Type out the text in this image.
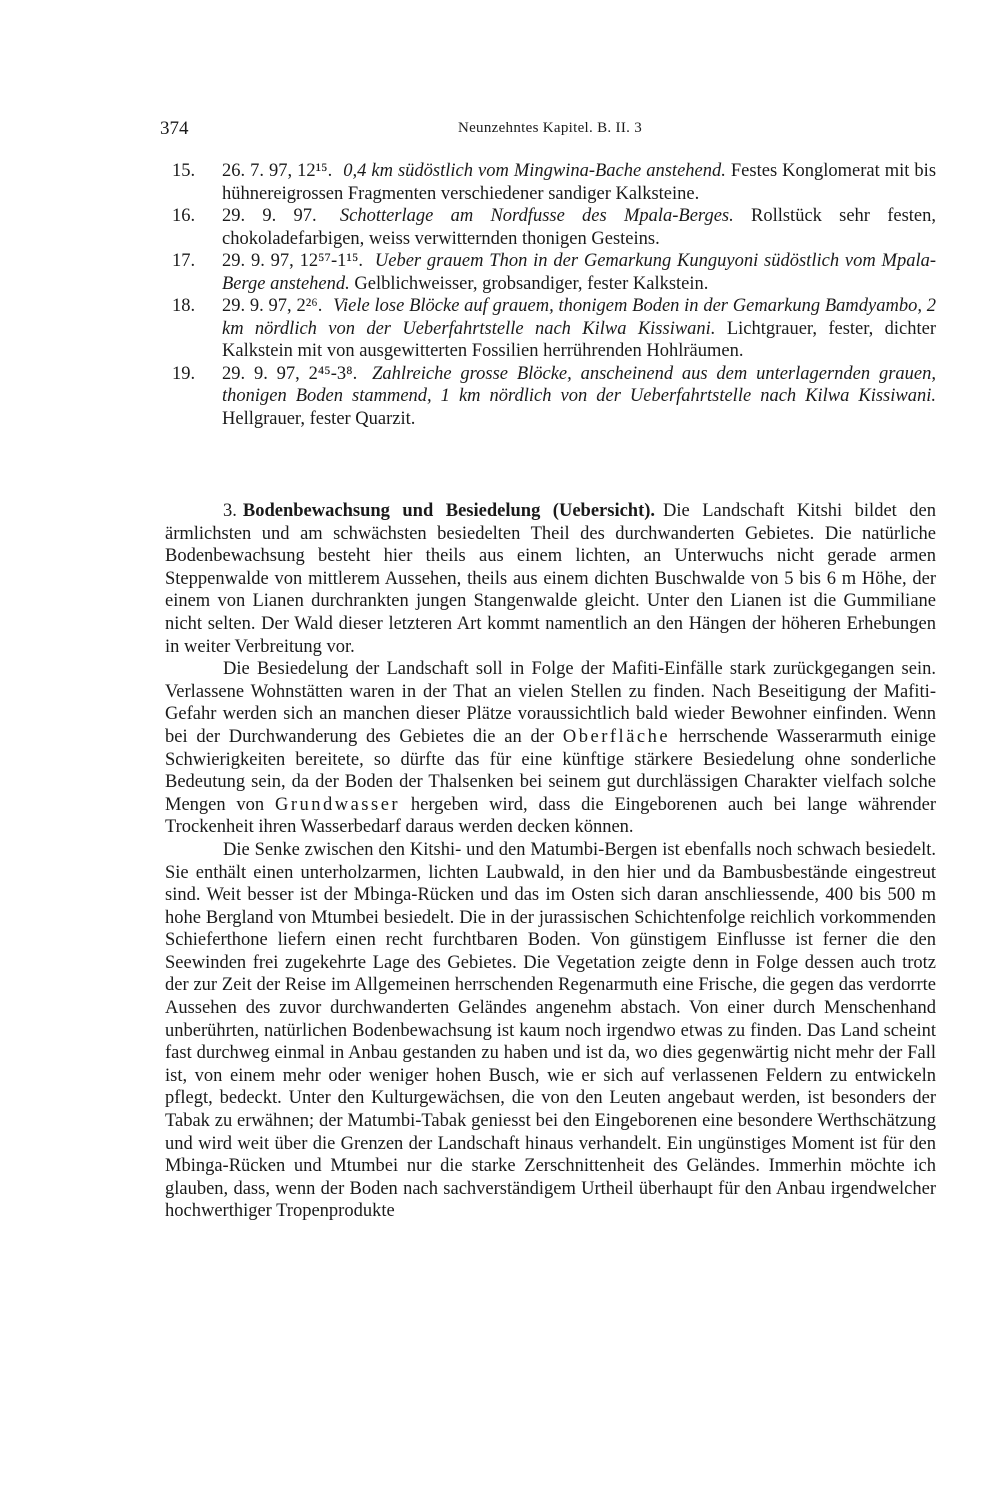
374	Neunzehntes Kapitel. B. II. 3
15. 26. 7. 97, 12¹⁵. 0,4 km südöstlich vom Mingwina-Bache anstehend. Festes Konglomerat mit bis hühnereigrossen Fragmenten verschiedener sandiger Kalksteine.
16. 29. 9. 97. Schotterlage am Nordfusse des Mpala-Berges. Rollstück sehr festen, chokoladefarbigen, weiss verwitternden thonigen Gesteins.
17. 29. 9. 97, 12⁵⁷-1¹⁵. Ueber grauem Thon in der Gemarkung Kunguyoni südöstlich vom Mpala-Berge anstehend. Gelblichweisser, grobsandiger, fester Kalkstein.
18. 29. 9. 97, 2²⁶. Viele lose Blöcke auf grauem, thonigem Boden in der Gemarkung Bamdyambo, 2 km nördlich von der Ueberfahrtstelle nach Kilwa Kissiwani. Lichtgrauer, fester, dichter Kalkstein mit von ausgewitterten Fossilien herrührenden Hohlräumen.
19. 29. 9. 97, 2⁴⁵-3⁸. Zahlreiche grosse Blöcke, anscheinend aus dem unterlagernden grauen, thonigen Boden stammend, 1 km nördlich von der Ueberfahrtstelle nach Kilwa Kissiwani. Hellgrauer, fester Quarzit.

3. Bodenbewachsung und Besiedelung (Uebersicht). Die Landschaft Kitshi bildet den ärmlichsten und am schwächsten besiedelten Theil des durchwanderten Gebietes. Die natürliche Bodenbewachsung besteht hier theils aus einem lichten, an Unterwuchs nicht gerade armen Steppenwalde von mittlerem Aussehen, theils aus einem dichten Buschwalde von 5 bis 6 m Höhe, der einem von Lianen durchrankten jungen Stangenwalde gleicht. Unter den Lianen ist die Gummiliane nicht selten. Der Wald dieser letzteren Art kommt namentlich an den Hängen der höheren Erhebungen in weiter Verbreitung vor.

Die Besiedelung der Landschaft soll in Folge der Mafiti-Einfälle stark zurückgegangen sein. Verlassene Wohnstätten waren in der That an vielen Stellen zu finden. Nach Beseitigung der Mafiti-Gefahr werden sich an manchen dieser Plätze voraussichtlich bald wieder Bewohner einfinden. Wenn bei der Durchwanderung des Gebietes die an der Oberfläche herrschende Wasserarmuth einige Schwierigkeiten bereitete, so dürfte das für eine künftige stärkere Besiedelung ohne sonderliche Bedeutung sein, da der Boden der Thalsenken bei seinem gut durchlässigen Charakter vielfach solche Mengen von Grundwasser hergeben wird, dass die Eingeborenen auch bei lange währender Trockenheit ihren Wasserbedarf daraus werden decken können.

Die Senke zwischen den Kitshi- und den Matumbi-Bergen ist ebenfalls noch schwach besiedelt. Sie enthält einen unterholzarmen, lichten Laubwald, in den hier und da Bambusbestände eingestreut sind. Weit besser ist der Mbinga-Rücken und das im Osten sich daran anschliessende, 400 bis 500 m hohe Bergland von Mtumbei besiedelt. Die in der jurassischen Schichtenfolge reichlich vorkommenden Schieferthone liefern einen recht furchtbaren Boden. Von günstigem Einflusse ist ferner die den Seewinden frei zugekehrte Lage des Gebietes. Die Vegetation zeigte denn in Folge dessen auch trotz der zur Zeit der Reise im Allgemeinen herrschenden Regenarmuth eine Frische, die gegen das verdorrte Aussehen des zuvor durchwanderten Geländes angenehm abstach. Von einer durch Menschenhand unberührten, natürlichen Bodenbewachsung ist kaum noch irgendwo etwas zu finden. Das Land scheint fast durchweg einmal in Anbau gestanden zu haben und ist da, wo dies gegenwärtig nicht mehr der Fall ist, von einem mehr oder weniger hohen Busch, wie er sich auf verlassenen Feldern zu entwickeln pflegt, bedeckt. Unter den Kulturgewächsen, die von den Leuten angebaut werden, ist besonders der Tabak zu erwähnen; der Matumbi-Tabak geniesst bei den Eingeborenen eine besondere Werthschätzung und wird weit über die Grenzen der Landschaft hinaus verhandelt. Ein ungünstiges Moment ist für den Mbinga-Rücken und Mtumbei nur die starke Zerschnittenheit des Geländes. Immerhin möchte ich glauben, dass, wenn der Boden nach sachverständigem Urtheil überhaupt für den Anbau irgendwelcher hochwerthiger Tropenprodukte
